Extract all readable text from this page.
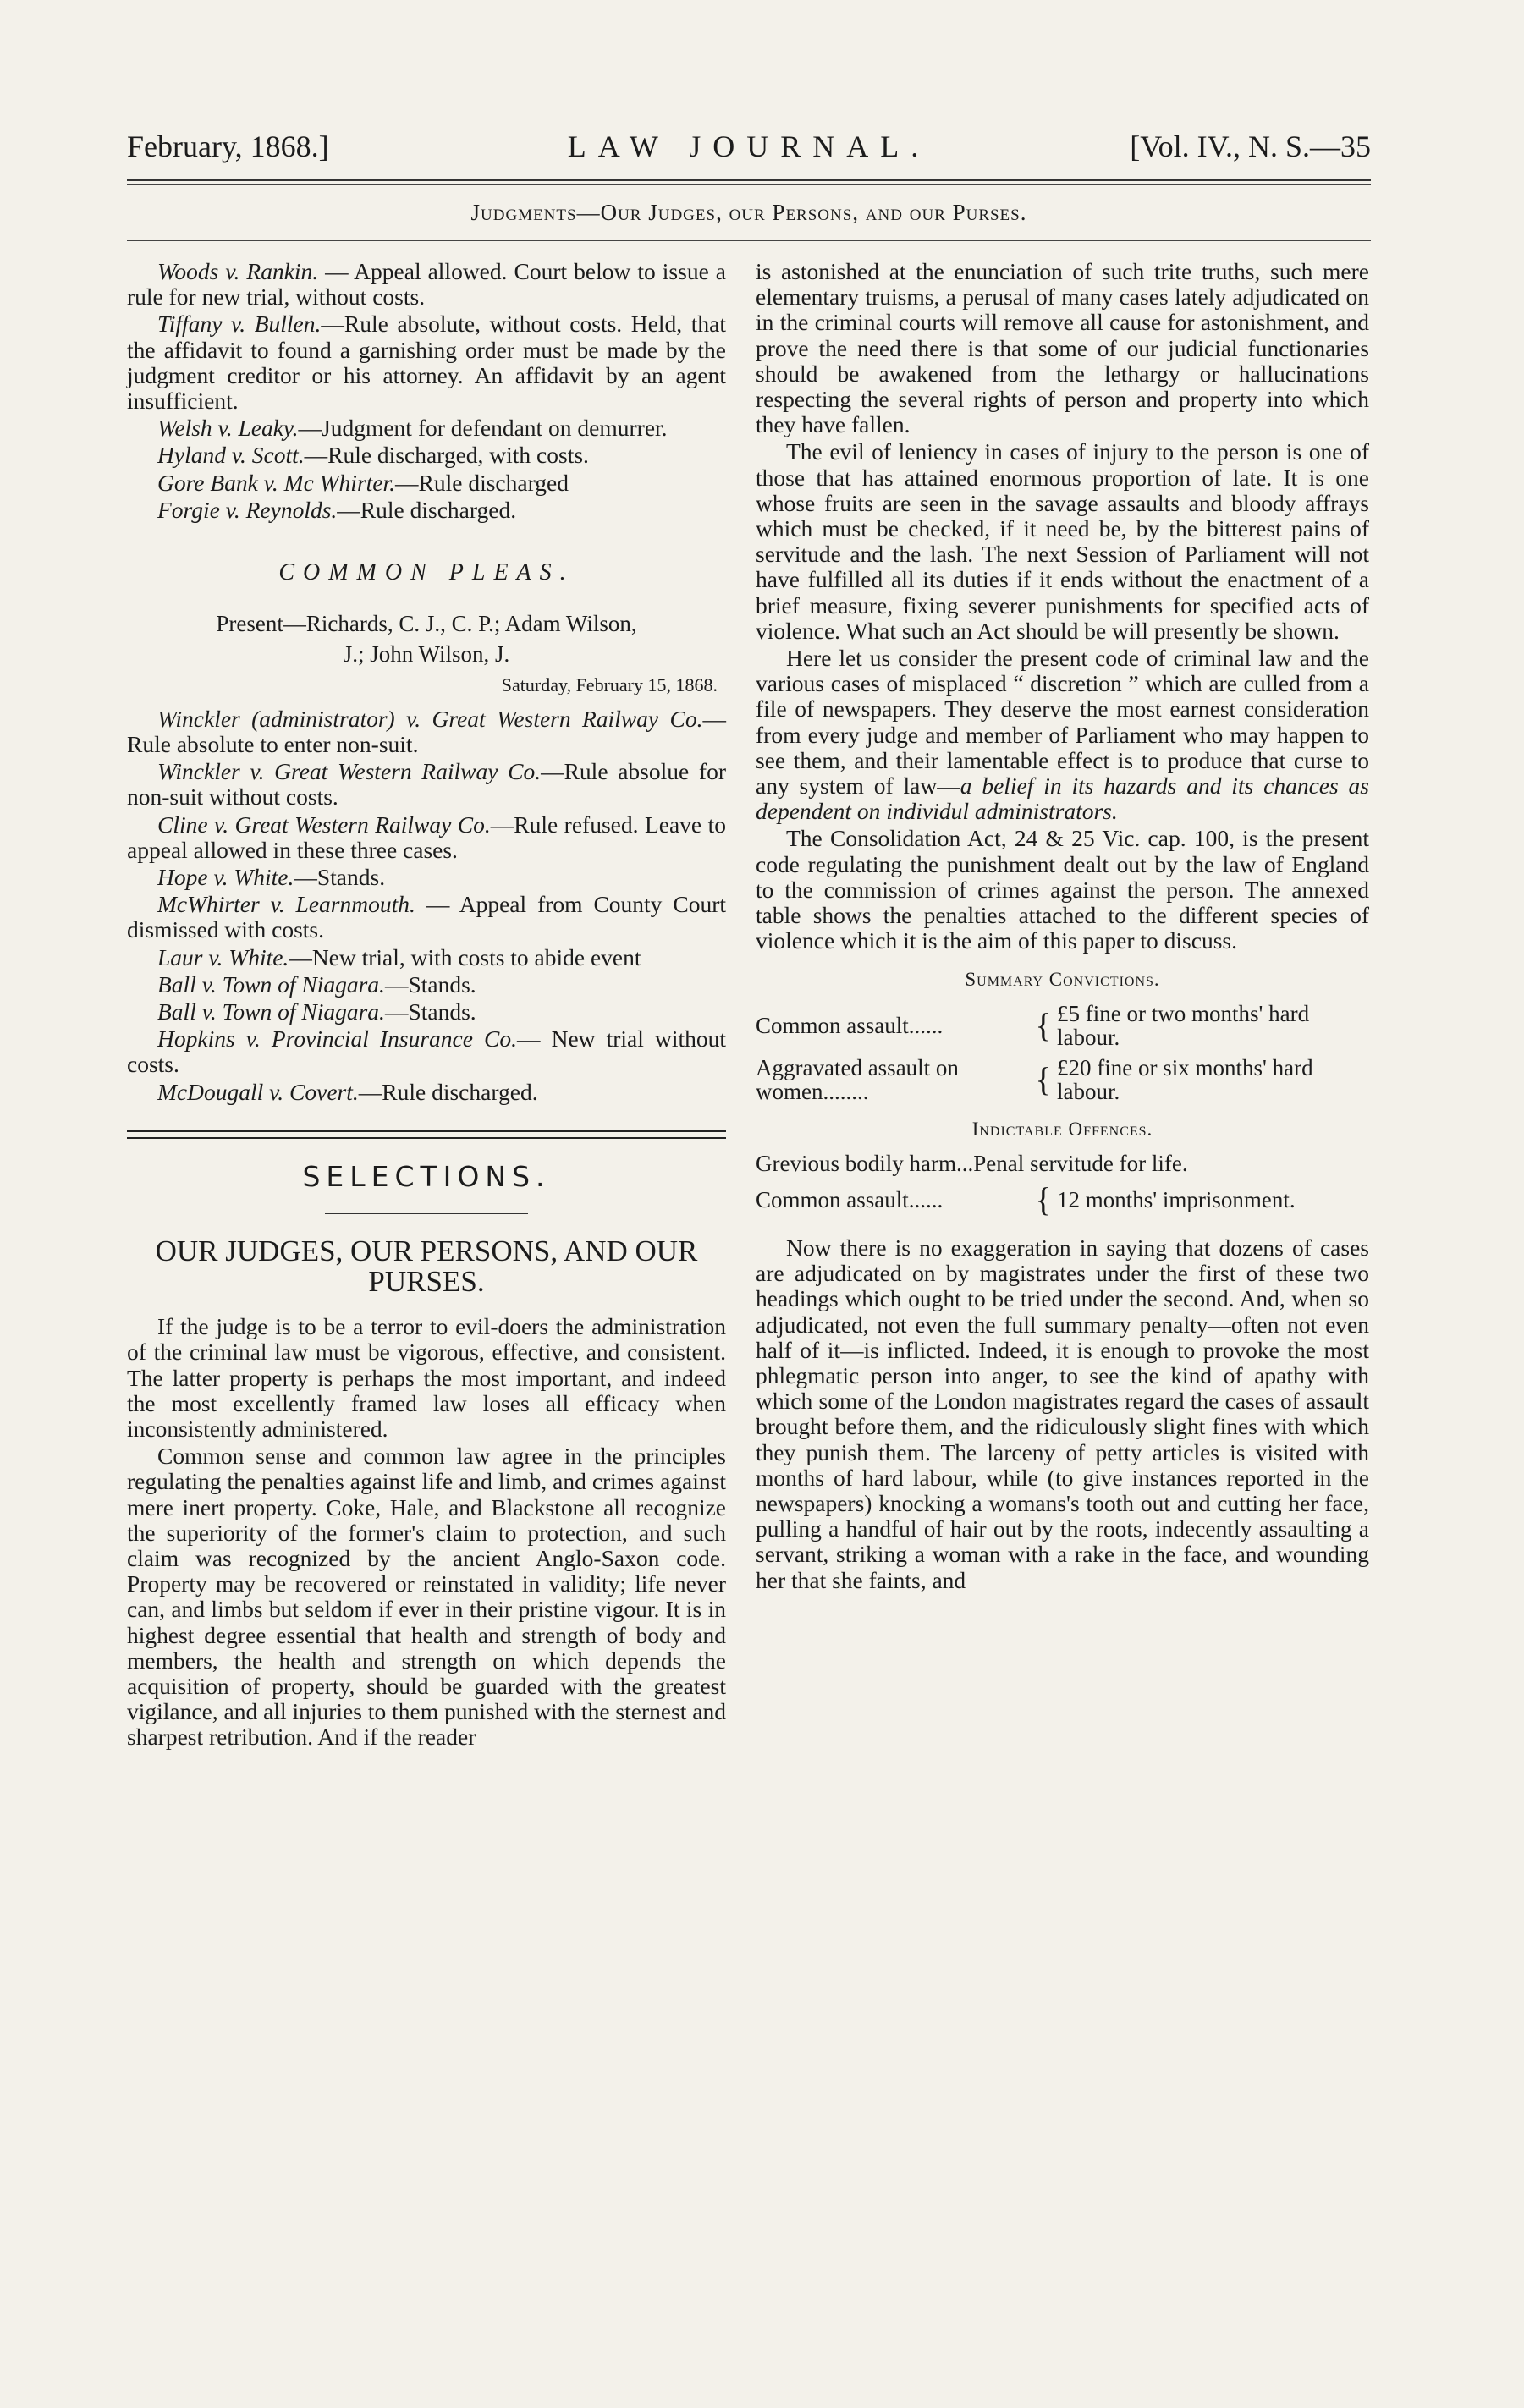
February, 1868.]	LAW JOURNAL.	[Vol. IV., N. S.—35
Judgments—Our Judges, our Persons, and our Purses.

Woods v. Rankin. — Appeal allowed. Court below to issue a rule for new trial, without costs.

Tiffany v. Bullen.—Rule absolute, without costs. Held, that the affidavit to found a garnishing order must be made by the judgment creditor or his attorney. An affidavit by an agent insufficient.

Welsh v. Leaky.—Judgment for defendant on demurrer.

Hyland v. Scott.—Rule discharged, with costs.

Gore Bank v. Mc Whirter.—Rule discharged

Forgie v. Reynolds.—Rule discharged.

COMMON PLEAS.
Present—Richards, C. J., C. P.; Adam Wilson,
J.; John Wilson, J.
Saturday, February 15, 1868.

Winckler (administrator) v. Great Western Railway Co.—Rule absolute to enter non-suit.

Winckler v. Great Western Railway Co.—Rule absolue for non-suit without costs.

Cline v. Great Western Railway Co.—Rule refused. Leave to appeal allowed in these three cases.

Hope v. White.—Stands.

McWhirter v. Learnmouth. — Appeal from County Court dismissed with costs.

Laur v. White.—New trial, with costs to abide event

Ball v. Town of Niagara.—Stands.

Ball v. Town of Niagara.—Stands.

Hopkins v. Provincial Insurance Co.— New trial without costs.

McDougall v. Covert.—Rule discharged.

SELECTIONS.
OUR JUDGES, OUR PERSONS, AND OUR PURSES.

If the judge is to be a terror to evil-doers the administration of the criminal law must be vigorous, effective, and consistent. The latter property is perhaps the most important, and indeed the most excellently framed law loses all efficacy when inconsistently administered.

Common sense and common law agree in the principles regulating the penalties against life and limb, and crimes against mere inert property. Coke, Hale, and Blackstone all recognize the superiority of the former's claim to protection, and such claim was recognized by the ancient Anglo-Saxon code. Property may be recovered or reinstated in validity; life never can, and limbs but seldom if ever in their pristine vigour. It is in highest degree essential that health and strength of body and members, the health and strength on which depends the acquisition of property, should be guarded with the greatest vigilance, and all injuries to them punished with the sternest and sharpest retribution. And if the reader

is astonished at the enunciation of such trite truths, such mere elementary truisms, a perusal of many cases lately adjudicated on in the criminal courts will remove all cause for astonishment, and prove the need there is that some of our judicial functionaries should be awakened from the lethargy or hallucinations respecting the several rights of person and property into which they have fallen.

The evil of leniency in cases of injury to the person is one of those that has attained enormous proportion of late. It is one whose fruits are seen in the savage assaults and bloody affrays which must be checked, if it need be, by the bitterest pains of servitude and the lash. The next Session of Parliament will not have fulfilled all its duties if it ends without the enactment of a brief measure, fixing severer punishments for specified acts of violence. What such an Act should be will presently be shown.

Here let us consider the present code of criminal law and the various cases of misplaced “ discretion ” which are culled from a file of newspapers. They deserve the most earnest consideration from every judge and member of Parliament who may happen to see them, and their lamentable effect is to produce that curse to any system of law—a belief in its hazards and its chances as dependent on individul administrators.

The Consolidation Act, 24 & 25 Vic. cap. 100, is the present code regulating the punishment dealt out by the law of England to the commission of crimes against the person. The annexed table shows the penalties attached to the different species of violence which it is the aim of this paper to discuss.

Summary Convictions.
Common assault......	{ £5 fine or two months' hard labour.
Aggravated assault on women........	{ £20 fine or six months' hard labour.
Indictable Offences.
Grevious bodily harm...Penal servitude for life.
Common assault......	{ 12 months' imprisonment.

Now there is no exaggeration in saying that dozens of cases are adjudicated on by magistrates under the first of these two headings which ought to be tried under the second. And, when so adjudicated, not even the full summary penalty—often not even half of it—is inflicted. Indeed, it is enough to provoke the most phlegmatic person into anger, to see the kind of apathy with which some of the London magistrates regard the cases of assault brought before them, and the ridiculously slight fines with which they punish them. The larceny of petty articles is visited with months of hard labour, while (to give instances reported in the newspapers) knocking a womans's tooth out and cutting her face, pulling a handful of hair out by the roots, indecently assaulting a servant, striking a woman with a rake in the face, and wounding her that she faints, and
